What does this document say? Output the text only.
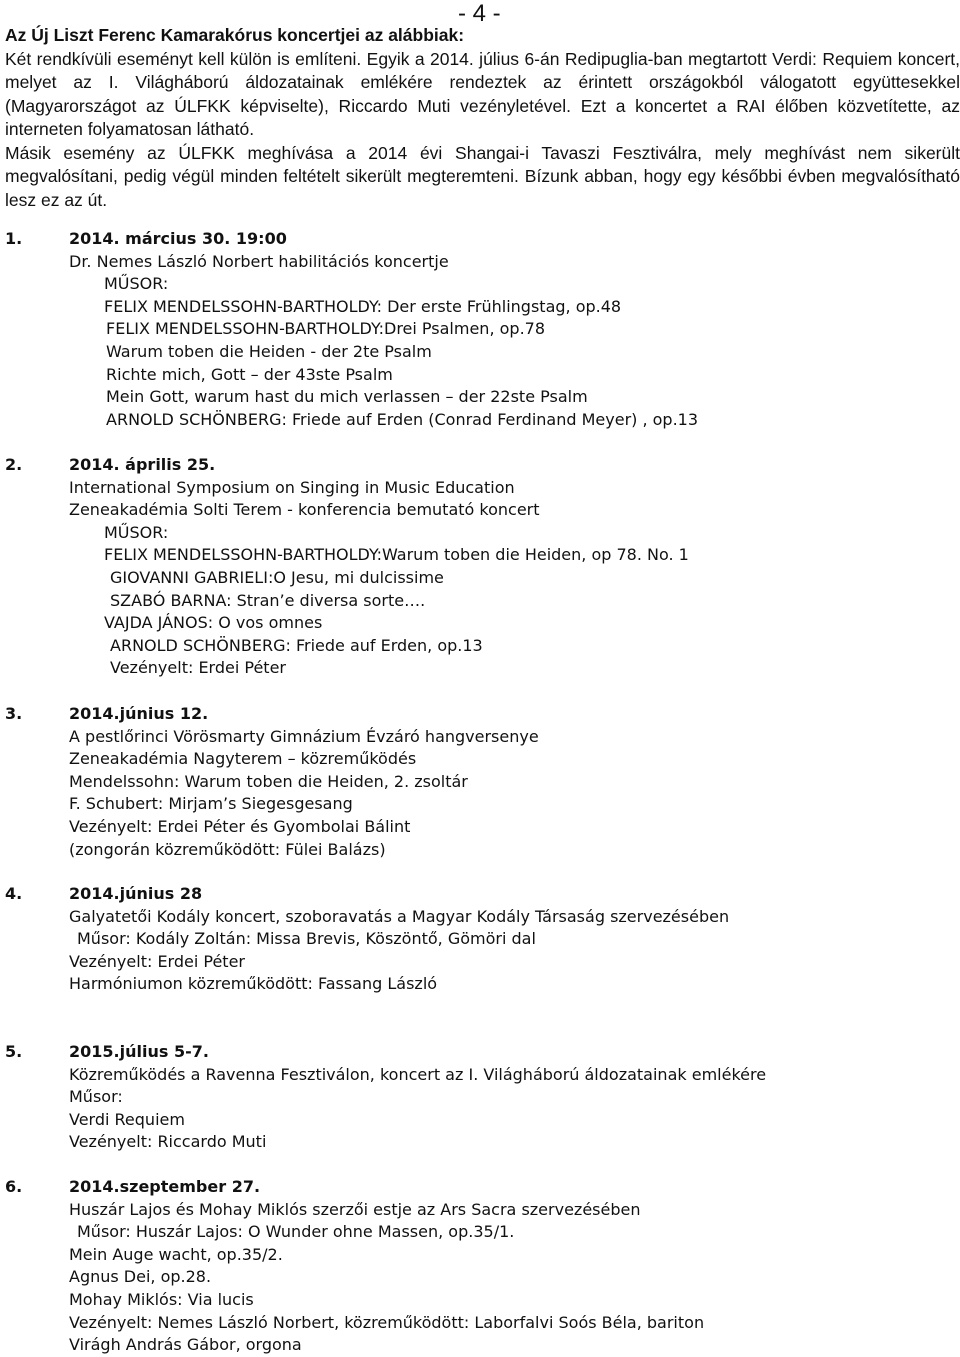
- 4 -

Az Új Liszt Ferenc Kamarakórus koncertjei az alábbiak:

Két rendkívüli eseményt kell külön is említeni. Egyik a 2014. július 6-án Redipuglia-ban megtartott Verdi: Requiem koncert, melyet az I. Világháború áldozatainak emlékére rendeztek az érintett országokból válogatott együttesekkel (Magyarországot az ÚLFKK képviselte), Riccardo Muti vezényletével. Ezt a koncertet a RAI élőben közvetítette, az interneten folyamatosan látható.

Másik esemény az ÚLFKK meghívása a 2014 évi Shangai-i Tavaszi Fesztiválra, mely meghívást nem sikerült megvalósítani, pedig végül minden feltételt sikerült megteremteni. Bízunk abban, hogy egy későbbi évben megvalósítható lesz ez az út.

1.	2014. március 30. 19:00
Dr. Nemes László Norbert habilitációs koncertje
MŰSOR:
FELIX MENDELSSOHN-BARTHOLDY: Der erste Frühlingstag, op.48
FELIX MENDELSSOHN-BARTHOLDY:Drei Psalmen, op.78
Warum toben die Heiden - der 2te Psalm
Richte mich, Gott – der 43ste Psalm
Mein Gott, warum hast du mich verlassen – der 22ste Psalm
ARNOLD SCHÖNBERG: Friede auf Erden (Conrad Ferdinand Meyer) , op.13
2.	2014. április 25.
International Symposium on Singing in Music Education
Zeneakadémia Solti Terem - konferencia bemutató koncert
MŰSOR:
FELIX MENDELSSOHN-BARTHOLDY:Warum toben die Heiden, op 78. No. 1
GIOVANNI GABRIELI:O Jesu, mi dulcissime
SZABÓ BARNA: Stran’e diversa sorte….
VAJDA JÁNOS: O vos omnes
ARNOLD SCHÖNBERG: Friede auf Erden, op.13
Vezényelt: Erdei Péter
3.	2014.június 12.
A pestlőrinci Vörösmarty Gimnázium Évzáró hangversenye
Zeneakadémia Nagyterem – közreműködés
Mendelssohn: Warum toben die Heiden, 2. zsoltár
F. Schubert: Mirjam’s Siegesgesang
Vezényelt: Erdei Péter és Gyombolai Bálint
(zongorán közreműködött: Fülei Balázs)
4.	2014.június 28
Galyatetői Kodály koncert, szoboravatás a Magyar Kodály Társaság szervezésében
Műsor: Kodály Zoltán: Missa Brevis, Köszöntő, Gömöri dal
Vezényelt: Erdei Péter
Harmóniumon közreműködött: Fassang László
5.	2015.július 5-7.
Közreműködés a Ravenna Fesztiválon, koncert az I. Világháború áldozatainak emlékére
Műsor:
Verdi Requiem
Vezényelt: Riccardo Muti
6.	2014.szeptember 27.
Huszár Lajos és Mohay Miklós szerzői estje az Ars Sacra szervezésében
Műsor: Huszár Lajos: O Wunder ohne Massen, op.35/1.
Mein Auge wacht, op.35/2.
Agnus Dei, op.28.
Mohay Miklós: Via lucis
Vezényelt: Nemes László Norbert, közreműködött: Laborfalvi Soós Béla, bariton
Virágh András Gábor, orgona
